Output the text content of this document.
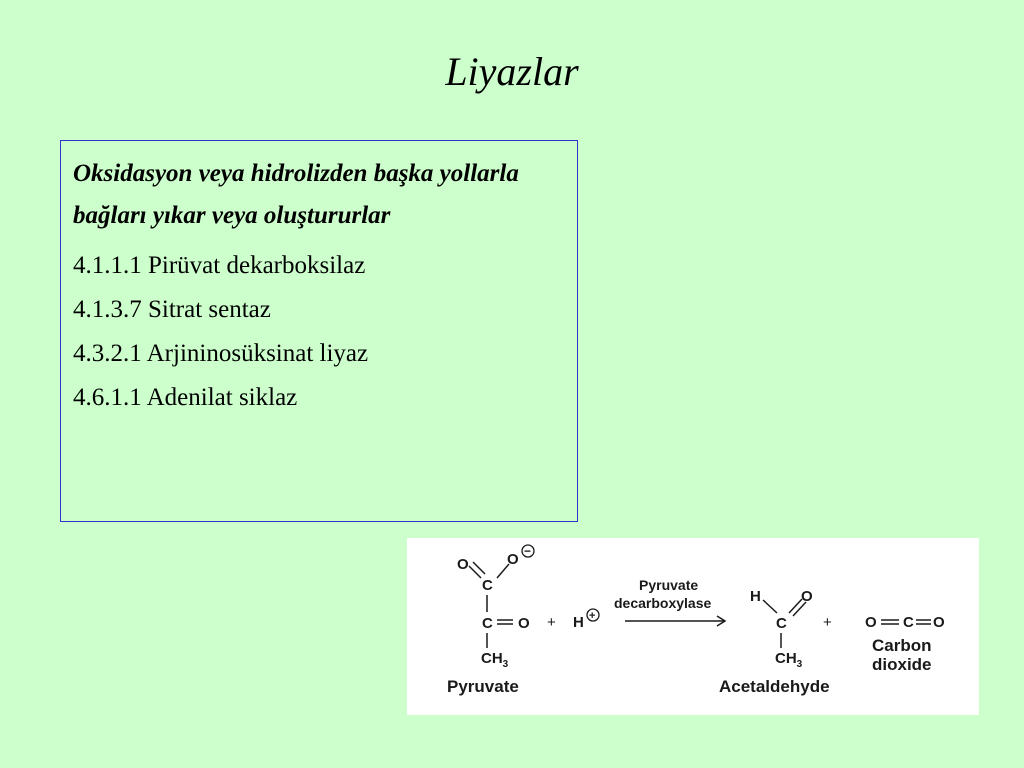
Liyazlar

Oksidasyon veya hidrolizden başka yollarla bağları yıkar veya oluştururlar

4.1.1.1 Pirüvat dekarboksilaz

4.1.3.7 Sitrat sentaz

4.3.2.1 Arjininosüksinat liyaz

4.6.1.1 Adenilat siklaz

O	O −
C
C O
$CH_3$
Pyruvate
+ H +
Pyruvate
decarboxylase	H	O
C
$CH_3$
Acetaldehyde
+ O C O
Carbon
dioxide
